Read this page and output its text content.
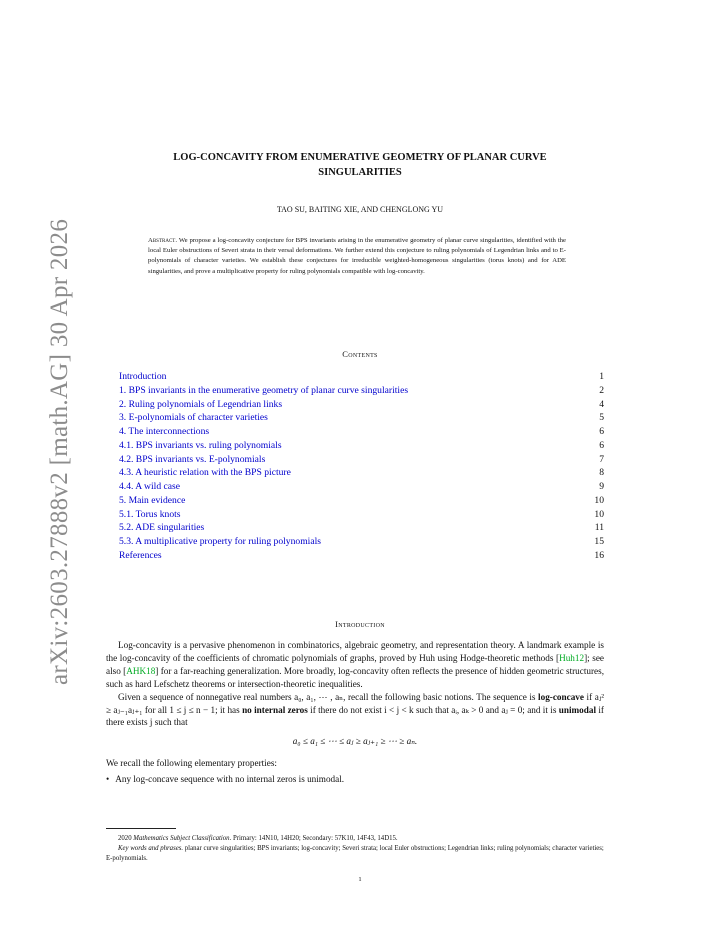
arXiv:2603.27888v2 [math.AG] 30 Apr 2026
LOG-CONCAVITY FROM ENUMERATIVE GEOMETRY OF PLANAR CURVE
SINGULARITIES
TAO SU, BAITING XIE, AND CHENGLONG YU
Abstract. We propose a log-concavity conjecture for BPS invariants arising in the enumerative geometry of planar curve singularities, identified with the local Euler obstructions of Severi strata in their versal deformations. We further extend this conjecture to ruling polynomials of Legendrian links and to E-polynomials of character varieties. We establish these conjectures for irreducible weighted-homogeneous singularities (torus knots) and for ADE singularities, and prove a multiplicative property for ruling polynomials compatible with log-concavity.
Contents
Introduction	1
1. BPS invariants in the enumerative geometry of planar curve singularities	2
2. Ruling polynomials of Legendrian links	4
3. E-polynomials of character varieties	5
4. The interconnections	6
4.1. BPS invariants vs. ruling polynomials	6
4.2. BPS invariants vs. E-polynomials	7
4.3. A heuristic relation with the BPS picture	8
4.4. A wild case	9
5. Main evidence	10
5.1. Torus knots	10
5.2. ADE singularities	11
5.3. A multiplicative property for ruling polynomials	15
References	16
Introduction

Log-concavity is a pervasive phenomenon in combinatorics, algebraic geometry, and representation theory. A landmark example is the log-concavity of the coefficients of chromatic polynomials of graphs, proved by Huh using Hodge-theoretic methods [Huh12]; see also [AHK18] for a far-reaching generalization. More broadly, log-concavity often reflects the presence of hidden geometric structures, such as hard Lefschetz theorems or intersection-theoretic inequalities.

Given a sequence of nonnegative real numbers a₀, a₁, ⋯ , aₙ, recall the following basic notions. The sequence is log-concave if aⱼ² ≥ aⱼ₋₁aⱼ₊₁ for all 1 ≤ j ≤ n − 1; it has no internal zeros if there do not exist i < j < k such that aᵢ, aₖ > 0 and aⱼ = 0; and it is unimodal if there exists j such that

a₀ ≤ a₁ ≤ ⋯ ≤ aⱼ ≥ aⱼ₊₁ ≥ ⋯ ≥ aₙ.
We recall the following elementary properties:
• Any log-concave sequence with no internal zeros is unimodal.
2020 Mathematics Subject Classification. Primary: 14N10, 14H20; Secondary: 57K10, 14F43, 14D15.
Key words and phrases. planar curve singularities; BPS invariants; log-concavity; Severi strata; local Euler obstructions; Legendrian links; ruling polynomials; character varieties; E-polynomials.
1
